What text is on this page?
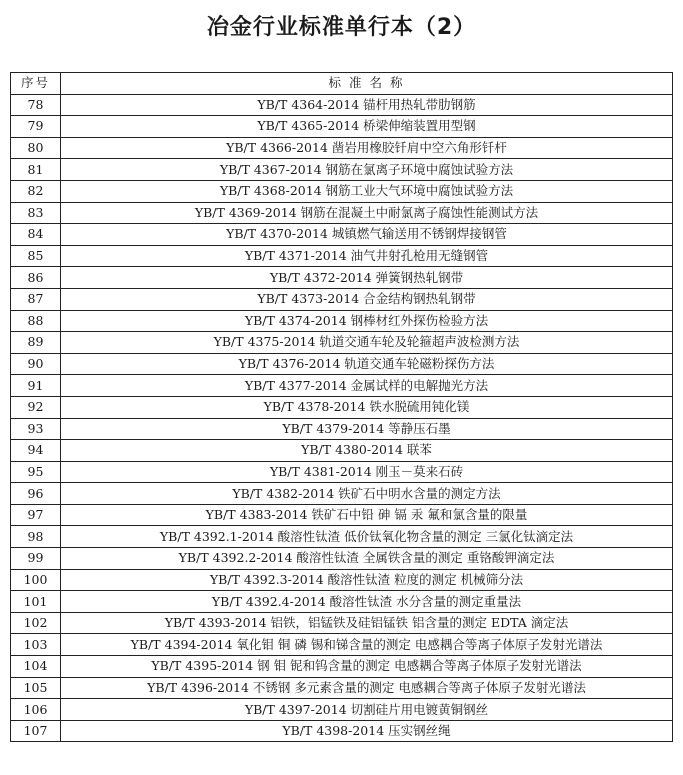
冶金行业标准单行本（2）
序号	标 准 名 称
78	YB/T 4364-2014 锚杆用热轧带肋钢筋
79	YB/T 4365-2014 桥梁伸缩装置用型钢
80	YB/T 4366-2014 凿岩用橡胶钎肩中空六角形钎杆
81	YB/T 4367-2014 钢筋在氯离子环境中腐蚀试验方法
82	YB/T 4368-2014 钢筋工业大气环境中腐蚀试验方法
83	YB/T 4369-2014 钢筋在混凝土中耐氯离子腐蚀性能测试方法
84	YB/T 4370-2014 城镇燃气输送用不锈钢焊接钢管
85	YB/T 4371-2014 油气井射孔枪用无缝钢管
86	YB/T 4372-2014 弹簧钢热轧钢带
87	YB/T 4373-2014 合金结构钢热轧钢带
88	YB/T 4374-2014 钢棒材红外探伤检验方法
89	YB/T 4375-2014 轨道交通车轮及轮箍超声波检测方法
90	YB/T 4376-2014 轨道交通车轮磁粉探伤方法
91	YB/T 4377-2014 金属试样的电解抛光方法
92	YB/T 4378-2014 铁水脱硫用钝化镁
93	YB/T 4379-2014 等静压石墨
94	YB/T 4380-2014 联苯
95	YB/T 4381-2014 刚玉－莫来石砖
96	YB/T 4382-2014 铁矿石中明水含量的测定方法
97	YB/T 4383-2014 铁矿石中铅 砷 镉 汞 氟和氯含量的限量
98	YB/T 4392.1-2014 酸溶性钛渣 低价钛氧化物含量的测定 三氯化钛滴定法
99	YB/T 4392.2-2014 酸溶性钛渣 全属铁含量的测定 重铬酸钾滴定法
100	YB/T 4392.3-2014 酸溶性钛渣 粒度的测定 机械筛分法
101	YB/T 4392.4-2014 酸溶性钛渣 水分含量的测定重量法
102	YB/T 4393-2014 铝铁，铝锰铁及硅铝锰铁 铝含量的测定 EDTA 滴定法
103	YB/T 4394-2014 氧化钼 铜 磷 锡和锑含量的测定 电感耦合等离子体原子发射光谱法
104	YB/T 4395-2014 钢 钼 铌和钨含量的测定 电感耦合等离子体原子发射光谱法
105	YB/T 4396-2014 不锈钢 多元素含量的测定 电感耦合等离子体原子发射光谱法
106	YB/T 4397-2014 切割硅片用电镀黄铜钢丝
107	YB/T 4398-2014 压实钢丝绳
